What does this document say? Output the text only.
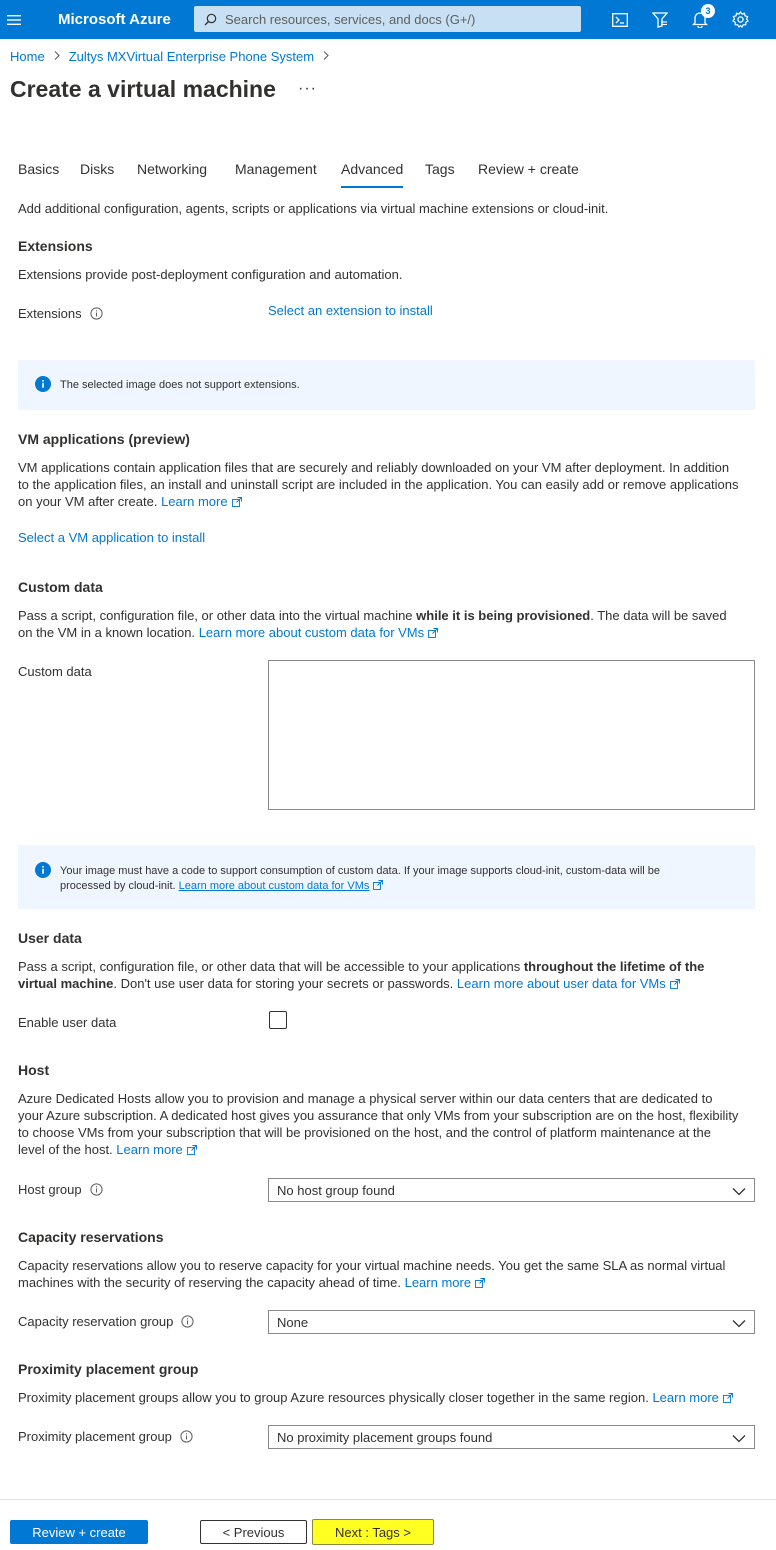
Microsoft Azure	Search resources, services, and docs (G+/)
3
Home Zultys MXVirtual Enterprise Phone System
Create a virtual machine ···
Basics	Disks	Networking	Management	Advanced Tags	Review + create
Add additional configuration, agents, scripts or applications via virtual machine extensions or cloud-init.
Extensions
Extensions provide post-deployment configuration and automation.
Extensions	Select an extension to install
The selected image does not support extensions.
VM applications (preview)
VM applications contain application files that are securely and reliably downloaded on your VM after deployment. In addition
to the application files, an install and uninstall script are included in the application. You can easily add or remove applications
on your VM after create. Learn more
Select a VM application to install
Custom data
Pass a script, configuration file, or other data into the virtual machine while it is being provisioned. The data will be saved
on the VM in a known location. Learn more about custom data for VMs
Custom data
Your image must have a code to support consumption of custom data. If your image supports cloud-init, custom-data will be
processed by cloud-init. Learn more about custom data for VMs
User data
Pass a script, configuration file, or other data that will be accessible to your applications throughout the lifetime of the
virtual machine. Don't use user data for storing your secrets or passwords. Learn more about user data for VMs
Enable user data
Host
Azure Dedicated Hosts allow you to provision and manage a physical server within our data centers that are dedicated to
your Azure subscription. A dedicated host gives you assurance that only VMs from your subscription are on the host, flexibility
to choose VMs from your subscription that will be provisioned on the host, and the control of platform maintenance at the
level of the host. Learn more
Host group	No host group found
Capacity reservations
Capacity reservations allow you to reserve capacity for your virtual machine needs. You get the same SLA as normal virtual
machines with the security of reserving the capacity ahead of time. Learn more
Capacity reservation group	None
Proximity placement group
Proximity placement groups allow you to group Azure resources physically closer together in the same region. Learn more
Proximity placement group	No proximity placement groups found
Review + create	< Previous	Next : Tags >
